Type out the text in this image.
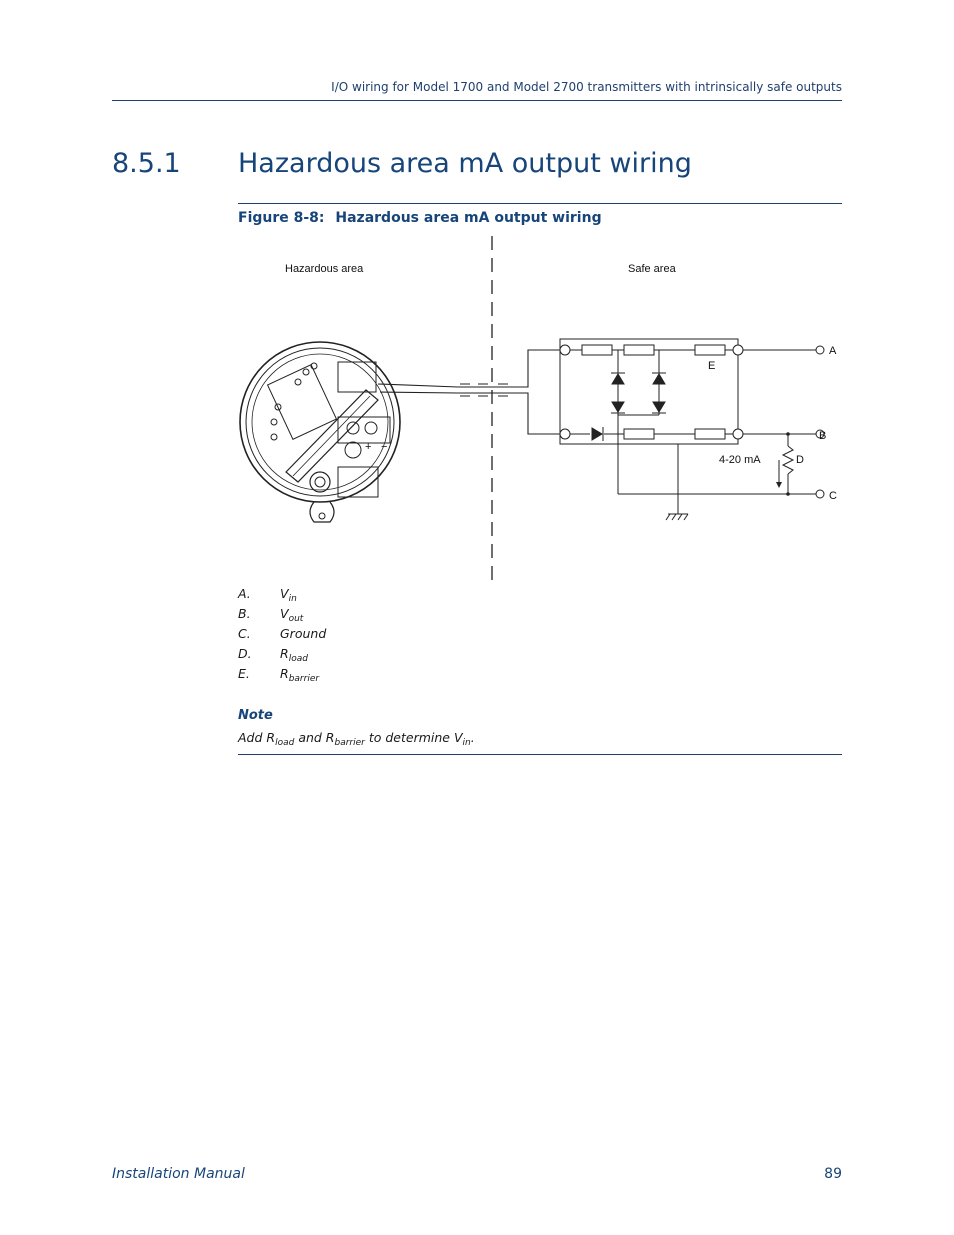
I/O wiring for Model 1700 and Model 2700 transmitters with intrinsically safe outputs
8.5.1 Hazardous area mA output wiring
Figure 8-8: Hazardous area mA output wiring
Hazardous area	Safe area
+ −
E
4-20 mA
A
B
C
D
A. $V_{in}$
B. $V_{out}$
C. Ground
D. $R_{load}$
E. $R_{barrier}$
Note
Add $R_{load}$ and $R_{barrier}$ to determine $V_{in}$.
Installation Manual	89
